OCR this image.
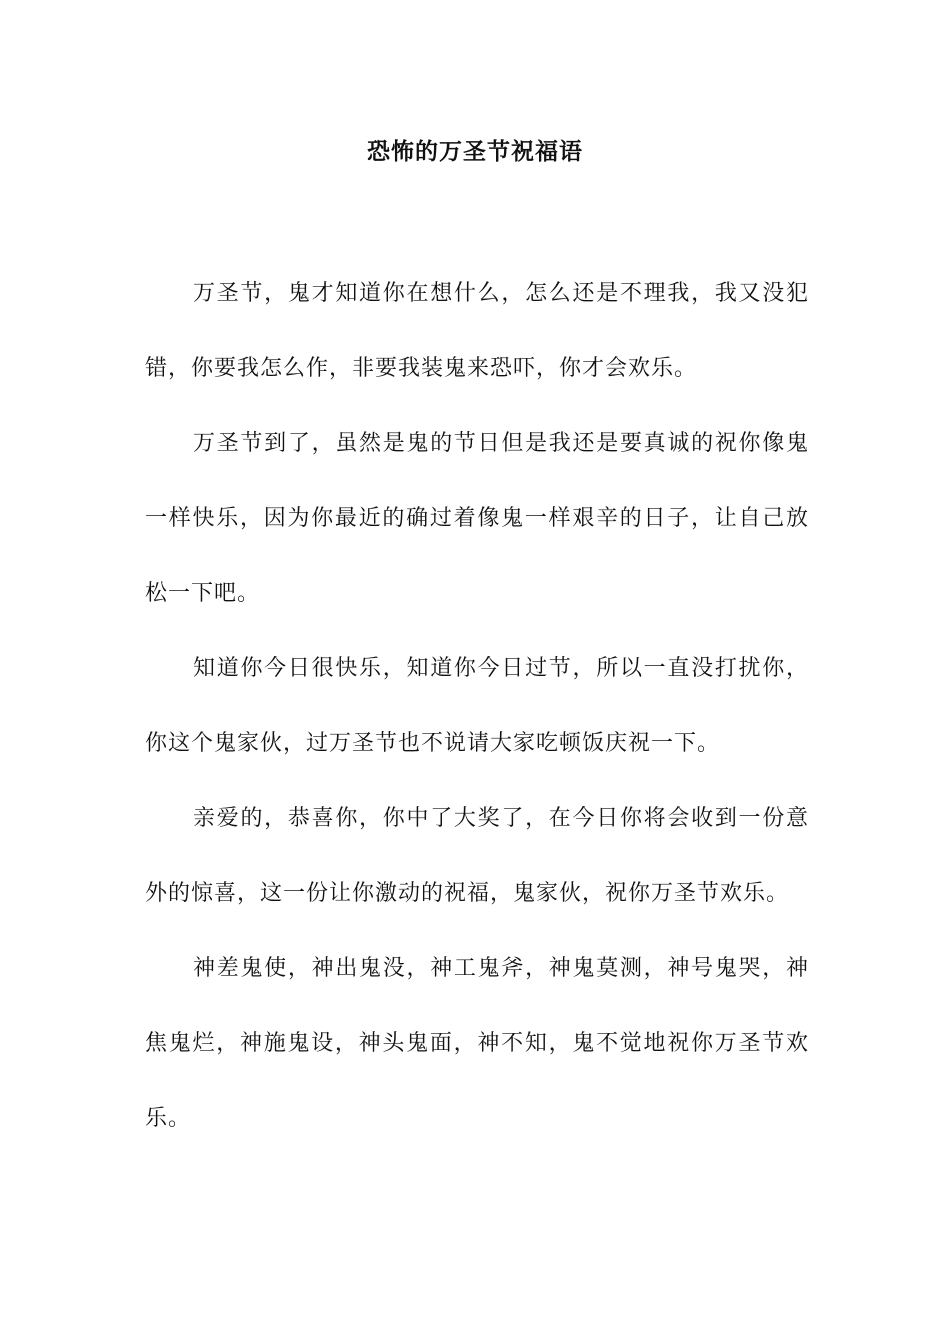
恐怖的万圣节祝福语

万圣节，鬼才知道你在想什么，怎么还是不理我，我又没犯错，你要我怎么作，非要我装鬼来恐吓，你才会欢乐。

万圣节到了，虽然是鬼的节日但是我还是要真诚的祝你像鬼一样快乐，因为你最近的确过着像鬼一样艰辛的日子，让自己放松一下吧。

知道你今日很快乐，知道你今日过节，所以一直没打扰你，你这个鬼家伙，过万圣节也不说请大家吃顿饭庆祝一下。

亲爱的，恭喜你，你中了大奖了，在今日你将会收到一份意外的惊喜，这一份让你激动的祝福，鬼家伙，祝你万圣节欢乐。

神差鬼使，神出鬼没，神工鬼斧，神鬼莫测，神号鬼哭，神焦鬼烂，神施鬼设，神头鬼面，神不知，鬼不觉地祝你万圣节欢乐。
